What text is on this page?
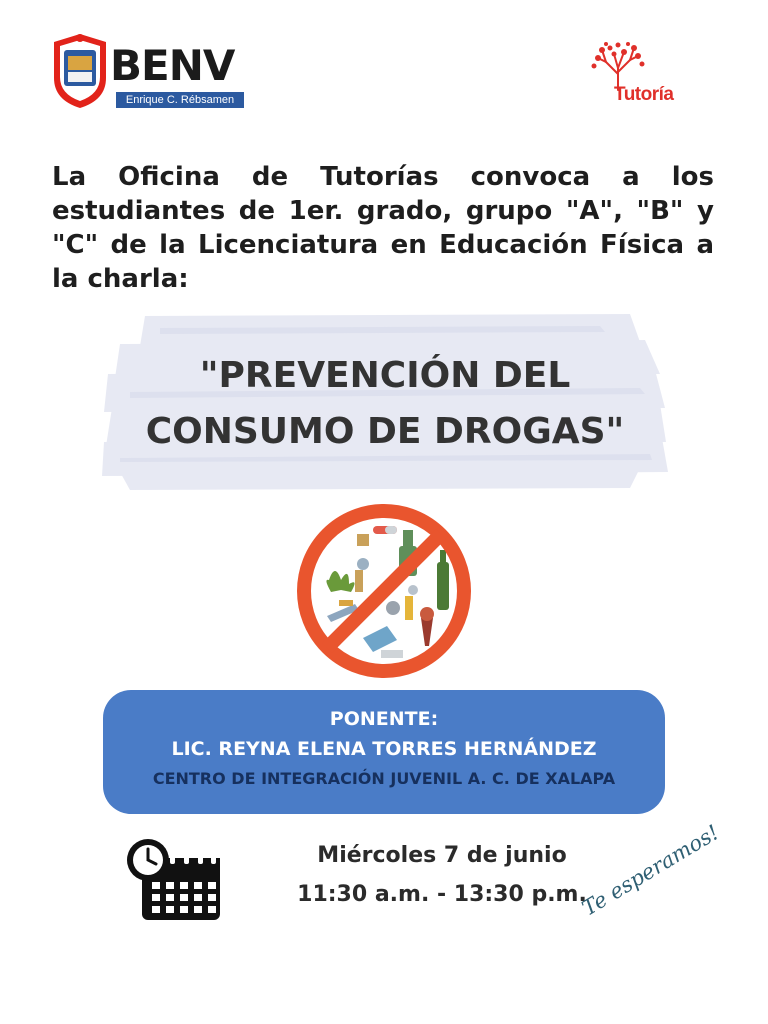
BENV
Enrique C. Rébsamen	Tutoría
La Oficina de Tutorías convoca a los estudiantes de 1er. grado, grupo "A", "B" y "C" de la Licenciatura en Educación Física a la charla:
"PREVENCIÓN DEL
CONSUMO DE DROGAS"
PONENTE:
LIC. REYNA ELENA TORRES HERNÁNDEZ
CENTRO DE INTEGRACIÓN JUVENIL A. C. DE XALAPA
Miércoles 7 de junio
11:30 a.m. - 13:30 p.m.
Te esperamos!
